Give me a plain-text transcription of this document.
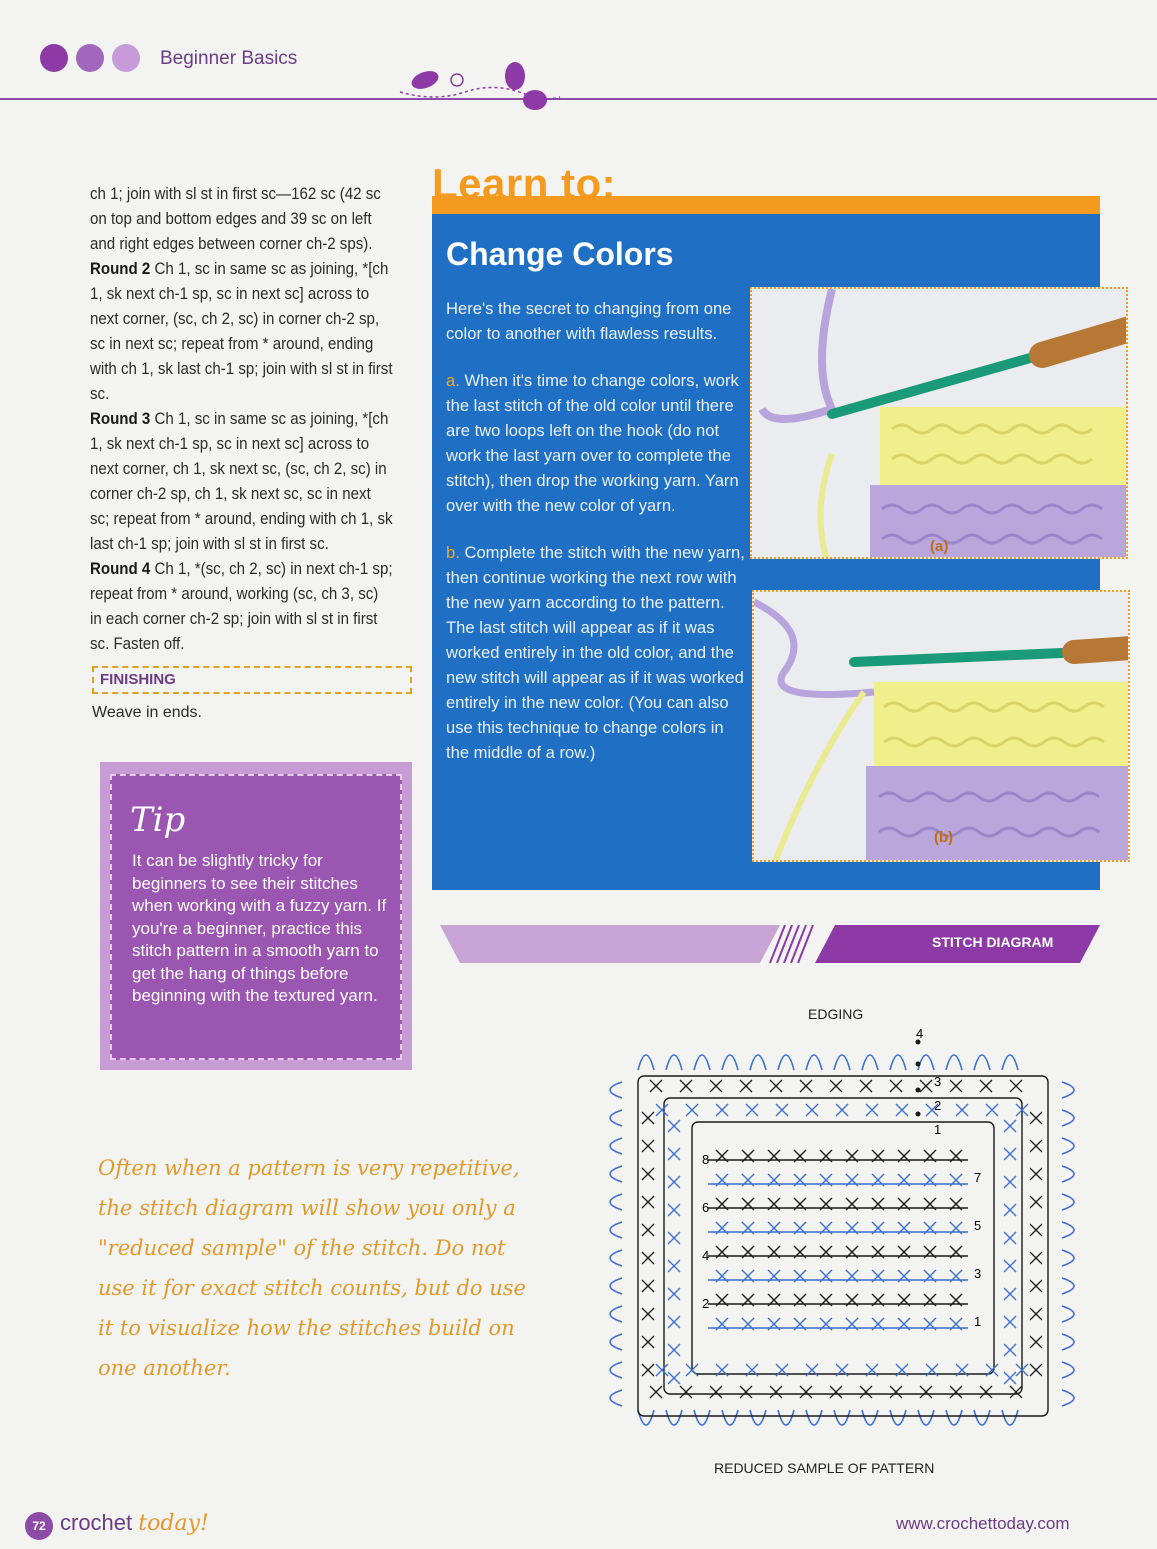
Beginner Basics

ch 1; join with sl st in first sc—162 sc (42 sc on top and bottom edges and 39 sc on left and right edges between corner ch-2 sps).

Round 2 Ch 1, sc in same sc as joining, *[ch 1, sk next ch-1 sp, sc in next sc] across to next corner, (sc, ch 2, sc) in corner ch-2 sp, sc in next sc; repeat from * around, ending with ch 1, sk last ch-1 sp; join with sl st in first sc.

Round 3 Ch 1, sc in same sc as joining, *[ch 1, sk next ch-1 sp, sc in next sc] across to next corner, ch 1, sk next sc, (sc, ch 2, sc) in corner ch-2 sp, ch 1, sk next sc, sc in next sc; repeat from * around, ending with ch 1, sk last ch-1 sp; join with sl st in first sc.

Round 4 Ch 1, *(sc, ch 2, sc) in next ch-1 sp; repeat from * around, working (sc, ch 3, sc) in each corner ch-2 sp; join with sl st in first sc. Fasten off.

FINISHING
Weave in ends.
Tip
It can be slightly tricky for beginners to see their stitches when working with a fuzzy yarn. If you're a beginner, practice this stitch pattern in a smooth yarn to get the hang of things before beginning with the textured yarn.
Often when a pattern is very repetitive, the stitch diagram will show you only a "reduced sample" of the stitch. Do not use it for exact stitch counts, but do use it to visualize how the stitches build on one another.
Learn to:
Change Colors

Here's the secret to changing from one color to another with flawless results.

a. When it's time to change colors, work the last stitch of the old color until there are two loops left on the hook (do not work the last yarn over to complete the stitch), then drop the working yarn. Yarn over with the new color of yarn.

b. Complete the stitch with the new yarn, then continue working the next row with the new yarn according to the pattern. The last stitch will appear as if it was worked entirely in the old color, and the new stitch will appear as if it was worked entirely in the new color. (You can also use this technique to change colors in the middle of a row.)

(a)
(b)
STITCH DIAGRAM
EDGING
4
3
2
1
7
5
3
1
8
6
4
2
REDUCED SAMPLE OF PATTERN
72 crochet today!	www.crochettoday.com
